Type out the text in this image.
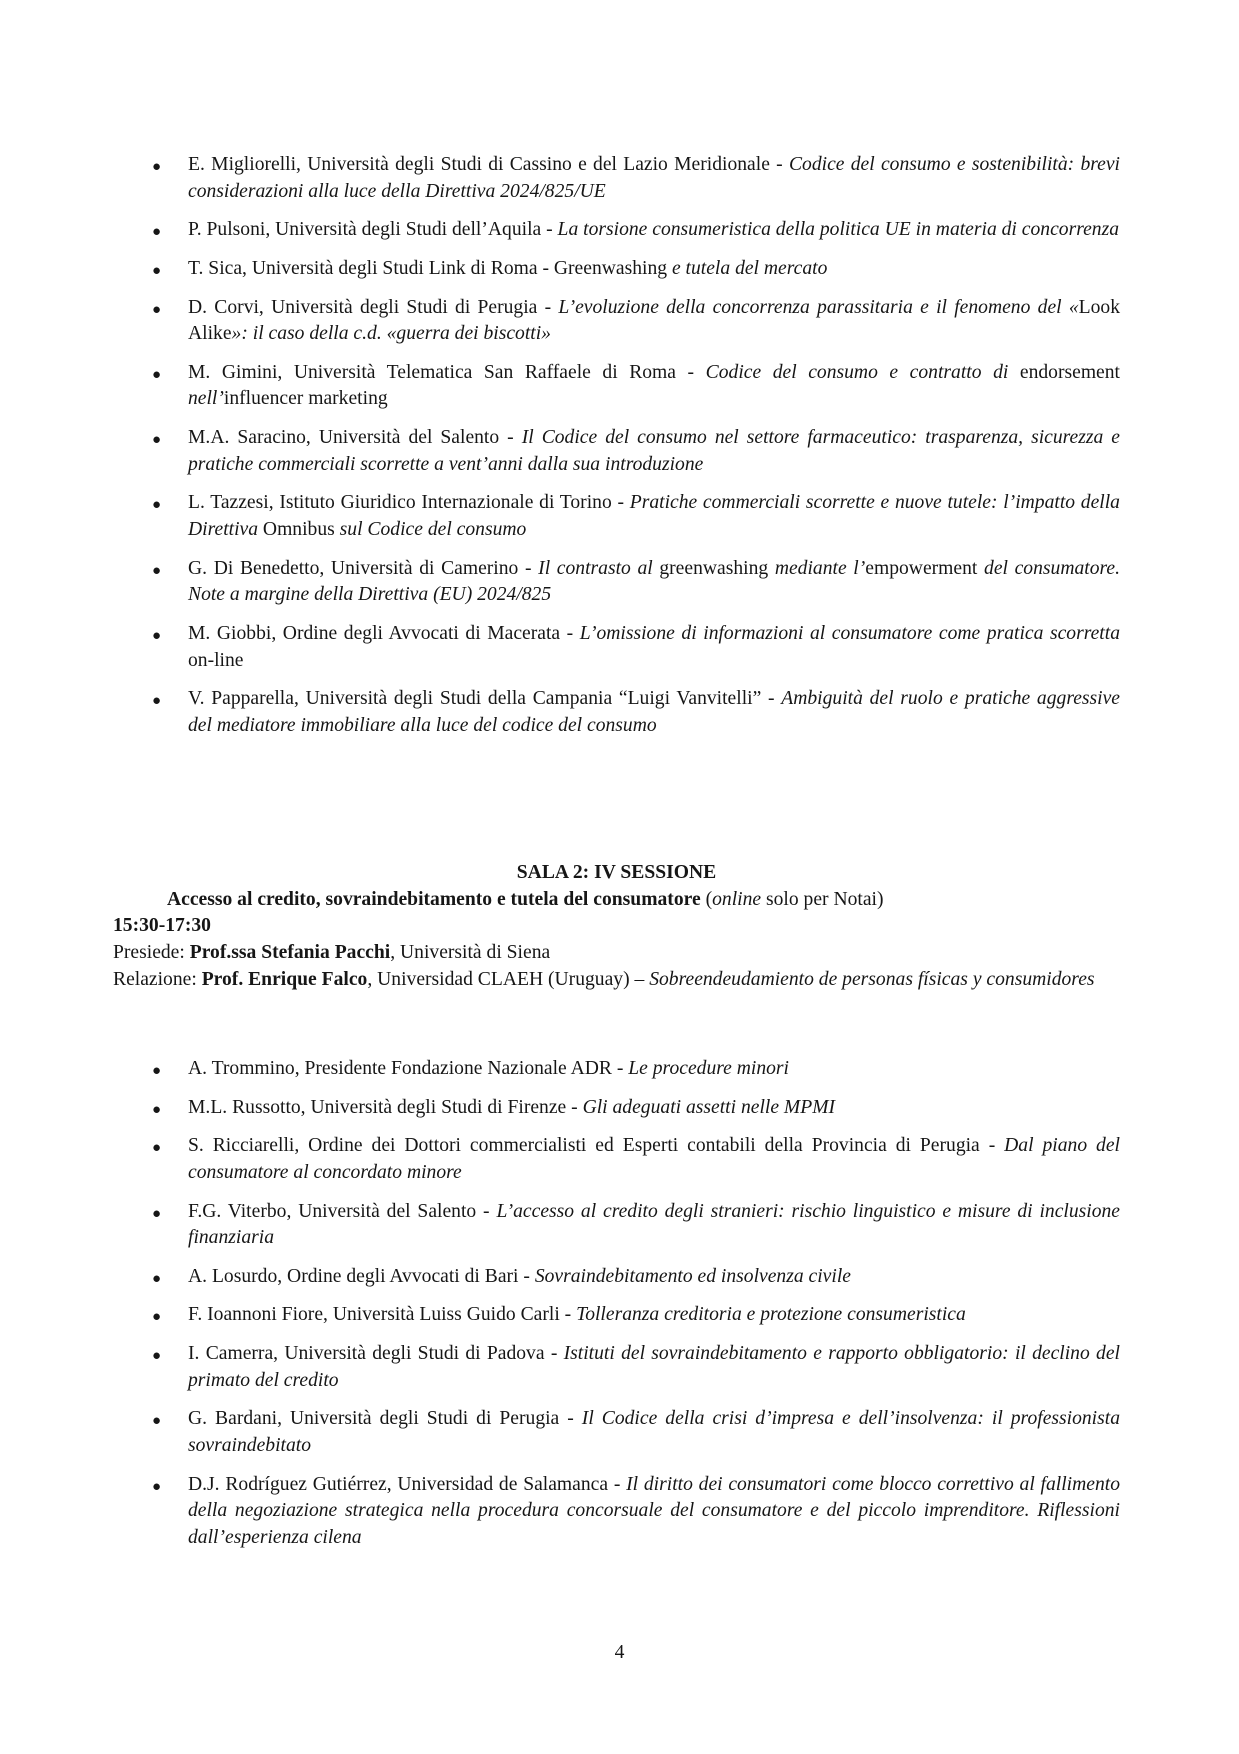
● E. Migliorelli, Università degli Studi di Cassino e del Lazio Meridionale - Codice del consumo e sostenibilità: brevi considerazioni alla luce della Direttiva 2024/825/UE
● P. Pulsoni, Università degli Studi dell’Aquila - La torsione consumeristica della politica UE in materia di concorrenza
● T. Sica, Università degli Studi Link di Roma - Greenwashing e tutela del mercato
● D. Corvi, Università degli Studi di Perugia - L’evoluzione della concorrenza parassitaria e il fenomeno del «Look Alike»: il caso della c.d. «guerra dei biscotti»
● M. Gimini, Università Telematica San Raffaele di Roma - Codice del consumo e contratto di endorsement nell’influencer marketing
● M.A. Saracino, Università del Salento - Il Codice del consumo nel settore farmaceutico: trasparenza, sicurezza e pratiche commerciali scorrette a vent’anni dalla sua introduzione
● L. Tazzesi, Istituto Giuridico Internazionale di Torino - Pratiche commerciali scorrette e nuove tutele: l’impatto della Direttiva Omnibus sul Codice del consumo
● G. Di Benedetto, Università di Camerino - Il contrasto al greenwashing mediante l’empowerment del consumatore. Note a margine della Direttiva (EU) 2024/825
● M. Giobbi, Ordine degli Avvocati di Macerata - L’omissione di informazioni al consumatore come pratica scorretta on-line
● V. Papparella, Università degli Studi della Campania “Luigi Vanvitelli” - Ambiguità del ruolo e pratiche aggressive del mediatore immobiliare alla luce del codice del consumo

SALA 2: IV SESSIONE

Accesso al credito, sovraindebitamento e tutela del consumatore (online solo per Notai)

15:30-17:30

Presiede: Prof.ssa Stefania Pacchi, Università di Siena

Relazione: Prof. Enrique Falco, Universidad CLAEH (Uruguay) – Sobreendeudamiento de personas físicas y consumidores

● A. Trommino, Presidente Fondazione Nazionale ADR - Le procedure minori
● M.L. Russotto, Università degli Studi di Firenze - Gli adeguati assetti nelle MPMI
● S. Ricciarelli, Ordine dei Dottori commercialisti ed Esperti contabili della Provincia di Perugia - Dal piano del consumatore al concordato minore
● F.G. Viterbo, Università del Salento - L’accesso al credito degli stranieri: rischio linguistico e misure di inclusione finanziaria
● A. Losurdo, Ordine degli Avvocati di Bari - Sovraindebitamento ed insolvenza civile
● F. Ioannoni Fiore, Università Luiss Guido Carli - Tolleranza creditoria e protezione consumeristica
● I. Camerra, Università degli Studi di Padova - Istituti del sovraindebitamento e rapporto obbligatorio: il declino del primato del credito
● G. Bardani, Università degli Studi di Perugia - Il Codice della crisi d’impresa e dell’insolvenza: il professionista sovraindebitato
● D.J. Rodríguez Gutiérrez, Universidad de Salamanca - Il diritto dei consumatori come blocco correttivo al fallimento della negoziazione strategica nella procedura concorsuale del consumatore e del piccolo imprenditore. Riflessioni dall’esperienza cilena
4
